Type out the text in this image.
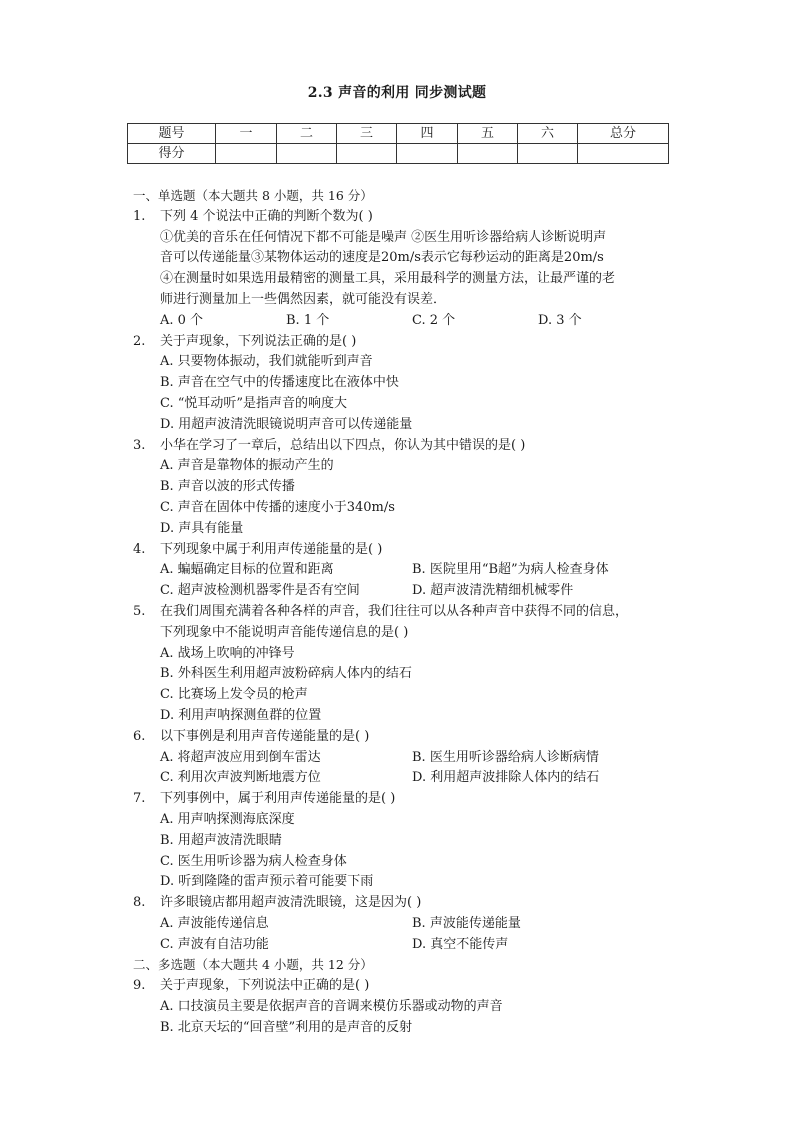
2.3 声音的利用 同步测试题
题号	一	二	三	四	五	六	总分
得分							
一、单选题（本大题共 8 小题，共 16 分）
1. 下列 4 个说法中正确的判断个数为( )
①优美的音乐在任何情况下都不可能是噪声 ②医生用听诊器给病人诊断说明声
音可以传递能量③某物体运动的速度是20m/s表示它每秒运动的距离是20m/s
④在测量时如果选用最精密的测量工具，采用最科学的测量方法，让最严谨的老
师进行测量加上一些偶然因素，就可能没有误差．
A. 0 个	B. 1 个	C. 2 个	D. 3 个
2. 关于声现象，下列说法正确的是( )
A. 只要物体振动，我们就能听到声音
B. 声音在空气中的传播速度比在液体中快
C. “悦耳动听”是指声音的响度大
D. 用超声波清洗眼镜说明声音可以传递能量
3. 小华在学习了一章后，总结出以下四点，你认为其中错误的是( )
A. 声音是靠物体的振动产生的
B. 声音以波的形式传播
C. 声音在固体中传播的速度小于340m/s
D. 声具有能量
4. 下列现象中属于利用声传递能量的是( )
A. 蝙蝠确定目标的位置和距离	B. 医院里用“B超”为病人检查身体
C. 超声波检测机器零件是否有空间	D. 超声波清洗精细机械零件
5. 在我们周围充满着各种各样的声音，我们往往可以从各种声音中获得不同的信息，
下列现象中不能说明声音能传递信息的是( )
A. 战场上吹响的冲锋号
B. 外科医生利用超声波粉碎病人体内的结石
C. 比赛场上发令员的枪声
D. 利用声呐探测鱼群的位置
6. 以下事例是利用声音传递能量的是( )
A. 将超声波应用到倒车雷达	B. 医生用听诊器给病人诊断病情
C. 利用次声波判断地震方位	D. 利用超声波排除人体内的结石
7. 下列事例中，属于利用声传递能量的是( )
A. 用声呐探测海底深度
B. 用超声波清洗眼睛
C. 医生用听诊器为病人检查身体
D. 听到隆隆的雷声预示着可能要下雨
8. 许多眼镜店都用超声波清洗眼镜，这是因为( )
A. 声波能传递信息	B. 声波能传递能量
C. 声波有自洁功能	D. 真空不能传声
二、多选题（本大题共 4 小题，共 12 分）
9. 关于声现象，下列说法中正确的是( )
A. 口技演员主要是依据声音的音调来模仿乐器或动物的声音
B. 北京天坛的“回音壁”利用的是声音的反射
